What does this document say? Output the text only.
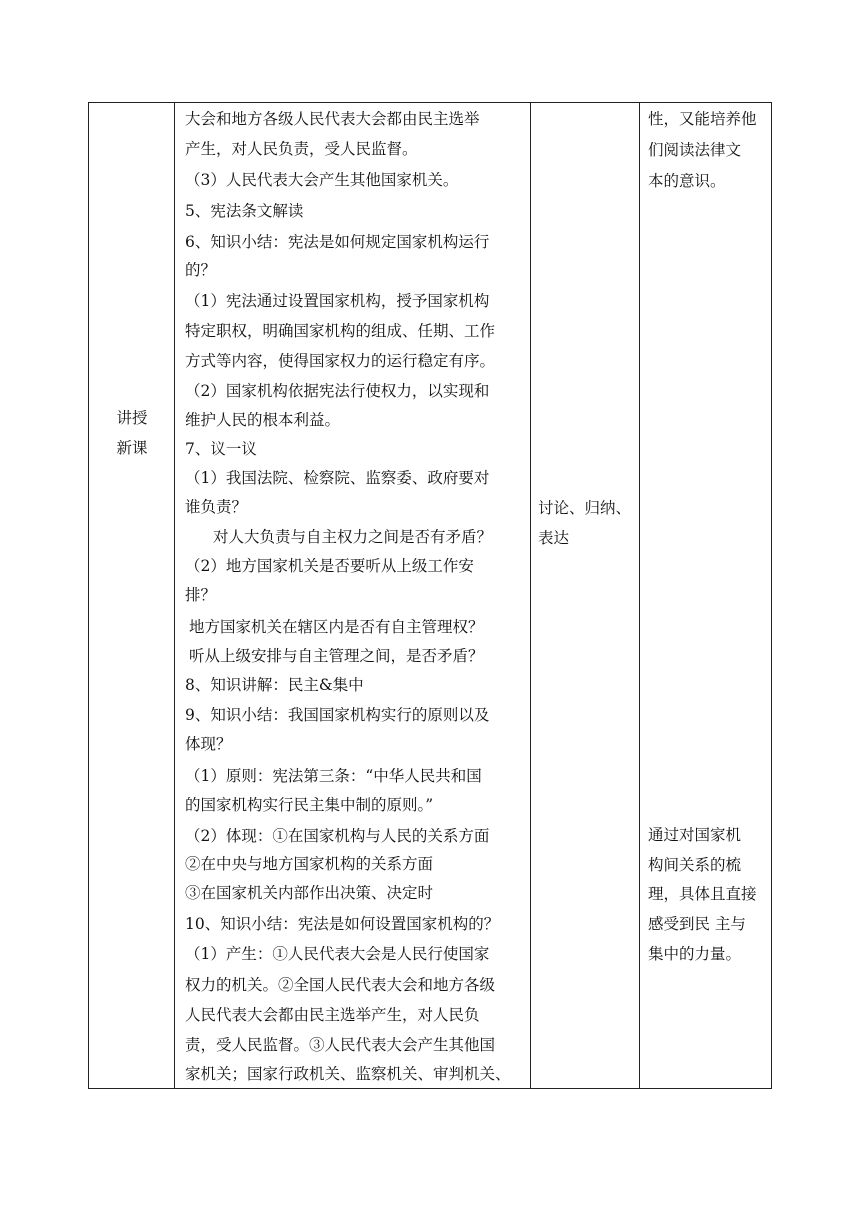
讲授
新课
大会和地方各级人民代表大会都由民主选举
产生，对人民负责，受人民监督。
（3）人民代表大会产生其他国家机关。
5、宪法条文解读
6、知识小结：宪法是如何规定国家机构运行
的？
（1）宪法通过设置国家机构，授予国家机构
特定职权，明确国家机构的组成、任期、工作
方式等内容，使得国家权力的运行稳定有序。
（2）国家机构依据宪法行使权力，以实现和
维护人民的根本利益。
7、议一议
（1）我国法院、检察院、监察委、政府要对
谁负责？
对人大负责与自主权力之间是否有矛盾？
（2）地方国家机关是否要听从上级工作安
排？
地方国家机关在辖区内是否有自主管理权？
听从上级安排与自主管理之间，是否矛盾？
8、知识讲解：民主&集中
9、知识小结：我国国家机构实行的原则以及
体现？
（1）原则：宪法第三条：“中华人民共和国
的国家机构实行民主集中制的原则。”
（2）体现：①在国家机构与人民的关系方面
②在中央与地方国家机构的关系方面
③在国家机关内部作出决策、决定时
10、知识小结：宪法是如何设置国家机构的？
（1）产生：①人民代表大会是人民行使国家
权力的机关。②全国人民代表大会和地方各级
人民代表大会都由民主选举产生，对人民负
责，受人民监督。③人民代表大会产生其他国
家机关；国家行政机关、监察机关、审判机关、
讨论、归纳、
表达
性，又能培养他
们阅读法律文
本的意识。
通过对国家机
构间关系的梳
理，具体且直接
感受到民 主与
集中的力量。
